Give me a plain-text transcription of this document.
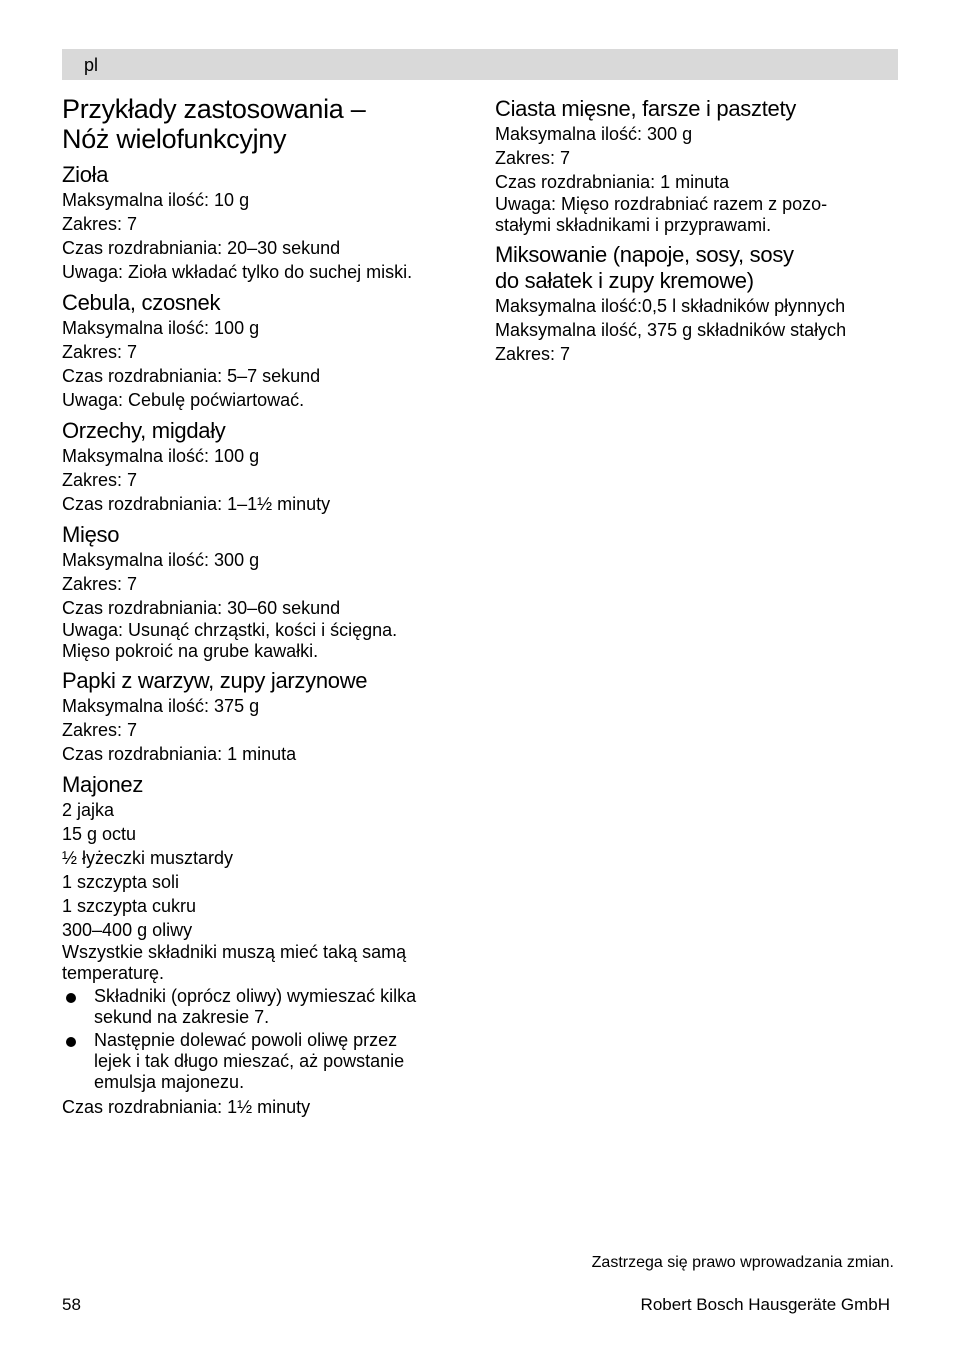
pl
Przykłady zastosowania –
Nóż wielofunkcyjny
Zioła
Maksymalna ilość: 10 g
Zakres: 7
Czas rozdrabniania: 20–30 sekund
Uwaga: Zioła wkładać tylko do suchej miski.
Cebula, czosnek
Maksymalna ilość: 100 g
Zakres: 7
Czas rozdrabniania: 5–7 sekund
Uwaga: Cebulę poćwiartować.
Orzechy, migdały
Maksymalna ilość: 100 g
Zakres: 7
Czas rozdrabniania: 1–1½ minuty
Mięso
Maksymalna ilość: 300 g
Zakres: 7
Czas rozdrabniania: 30–60 sekund
Uwaga: Usunąć chrząstki, kości i ścięgna.
Mięso pokroić na grube kawałki.
Papki z warzyw, zupy jarzynowe
Maksymalna ilość: 375 g
Zakres: 7
Czas rozdrabniania: 1 minuta
Majonez
2 jajka
15 g octu
½ łyżeczki musztardy
1 szczypta soli
1 szczypta cukru
300–400 g oliwy
Wszystkie składniki muszą mieć taką samą
temperaturę.
Składniki (oprócz oliwy) wymieszać kilka
sekund na zakresie 7.
Następnie dolewać powoli oliwę przez
lejek i tak długo mieszać, aż powstanie
emulsja majonezu.
Czas rozdrabniania: 1½ minuty
Ciasta mięsne, farsze i pasztety
Maksymalna ilość: 300 g
Zakres: 7
Czas rozdrabniania: 1 minuta
Uwaga: Mięso rozdrabniać razem z pozo-
stałymi składnikami i przyprawami.
Miksowanie (napoje, sosy, sosy
do sałatek i zupy kremowe)
Maksymalna ilość:0,5 l składników płynnych
Maksymalna ilość, 375 g składników stałych
Zakres: 7
Zastrzega się prawo wprowadzania zmian.
58	Robert Bosch Hausgeräte GmbH
